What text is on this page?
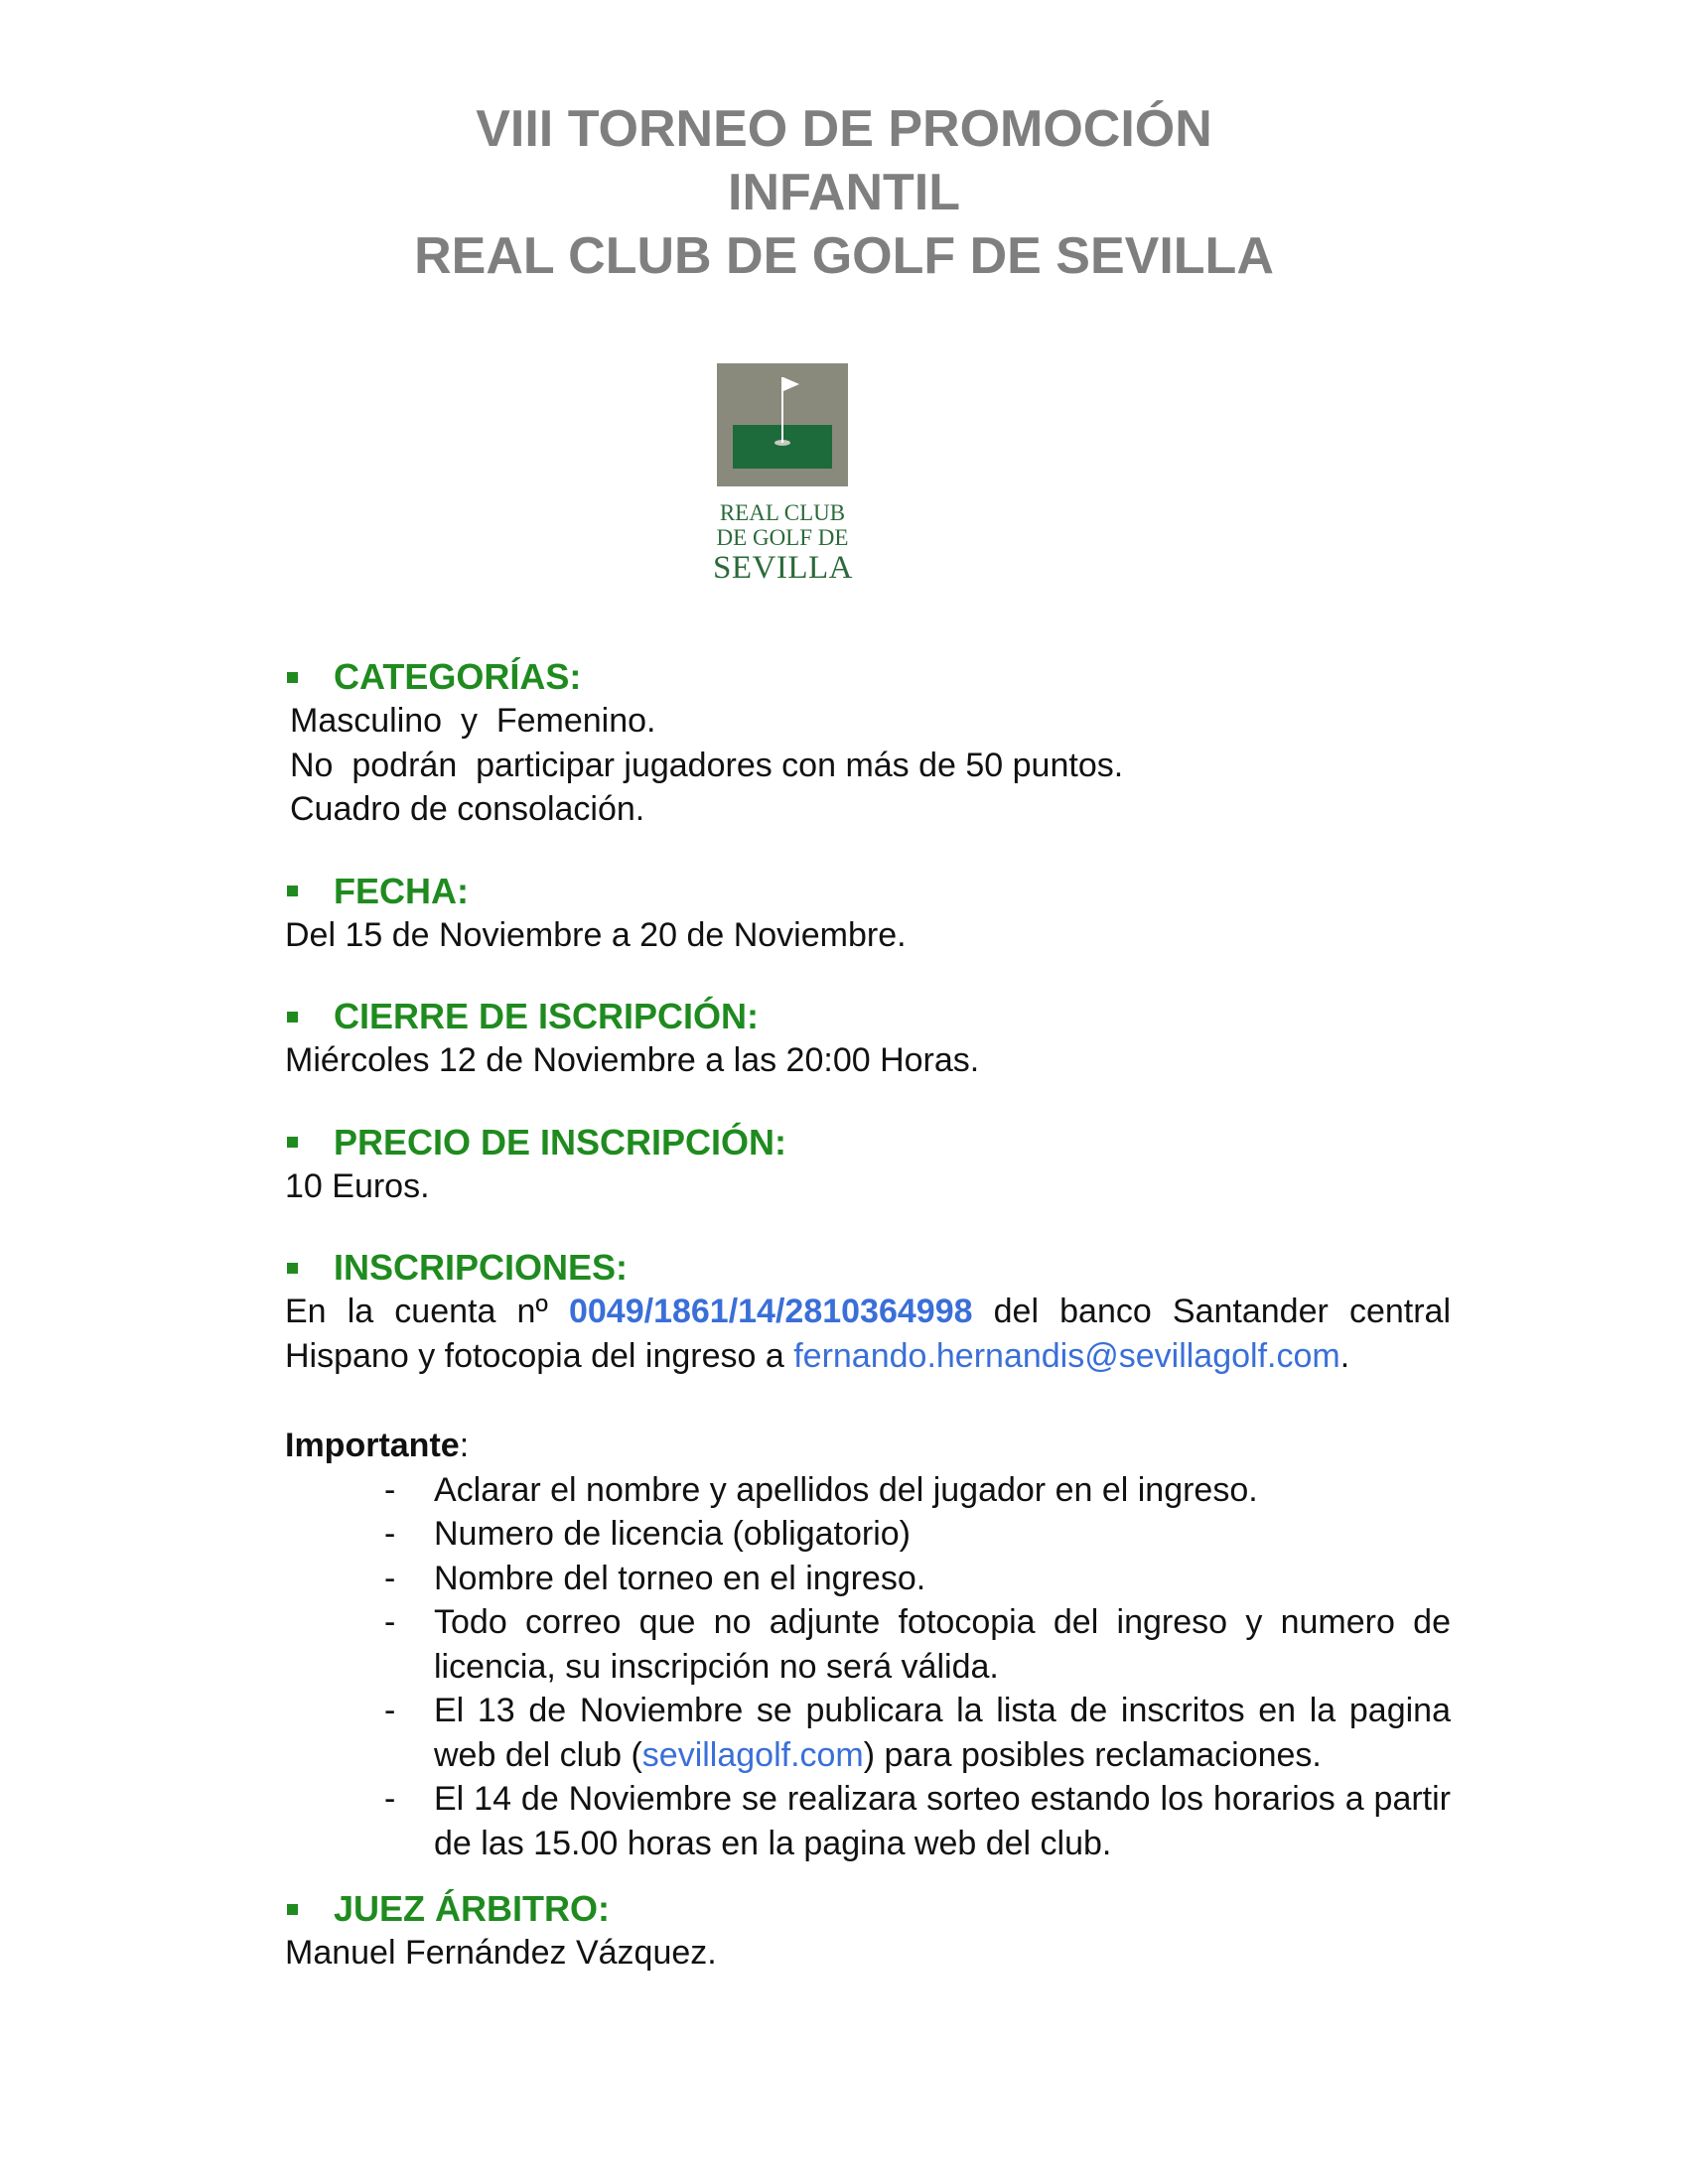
VIII TORNEO DE PROMOCIÓN
INFANTIL
REAL CLUB DE GOLF DE SEVILLA
REAL CLUB
DE GOLF DE
SEVILLA
CATEGORÍAS:
Masculino  y  Femenino.
No  podrán  participar jugadores con más de 50 puntos.
Cuadro de consolación.
FECHA:
Del 15 de Noviembre a 20 de Noviembre.
CIERRE DE ISCRIPCIÓN:
Miércoles 12 de Noviembre a las 20:00 Horas.
PRECIO DE INSCRIPCIÓN:
10 Euros.
INSCRIPCIONES:
En la cuenta nº 0049/1861/14/2810364998 del banco Santander central Hispano y fotocopia del ingreso a fernando.hernandis@sevillagolf.com.
Importante:
- Aclarar el nombre y apellidos del jugador en el ingreso.
- Numero de licencia (obligatorio)
- Nombre del torneo en el ingreso.
- Todo correo que no adjunte fotocopia del ingreso y numero de licencia, su inscripción no será válida.
- El 13 de Noviembre se publicara la lista de inscritos en la pagina web del club (sevillagolf.com) para posibles reclamaciones.
- El 14 de Noviembre se realizara sorteo estando los horarios a partir de las 15.00 horas en la pagina web del club.
JUEZ ÁRBITRO:
Manuel Fernández Vázquez.
